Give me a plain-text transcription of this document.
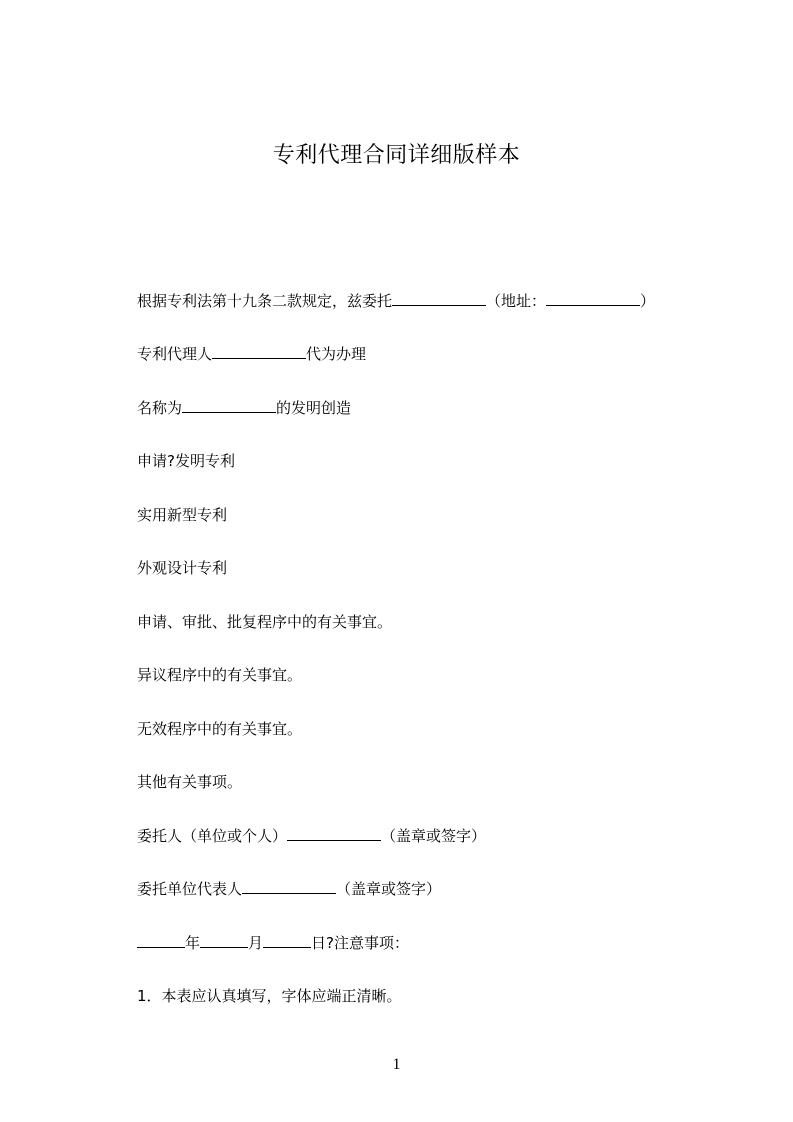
专利代理合同详细版样本
根据专利法第十九条二款规定，兹委托	（地址：	）
专利代理人	代为办理
名称为	的发明创造
申请?发明专利
实用新型专利
外观设计专利
申请、审批、批复程序中的有关事宜。
异议程序中的有关事宜。
无效程序中的有关事宜。
其他有关事项。
委托人（单位或个人）	（盖章或签字）
委托单位代表人	（盖章或签字）
年	月	日?注意事项：
1．本表应认真填写，字体应端正清晰。
1
